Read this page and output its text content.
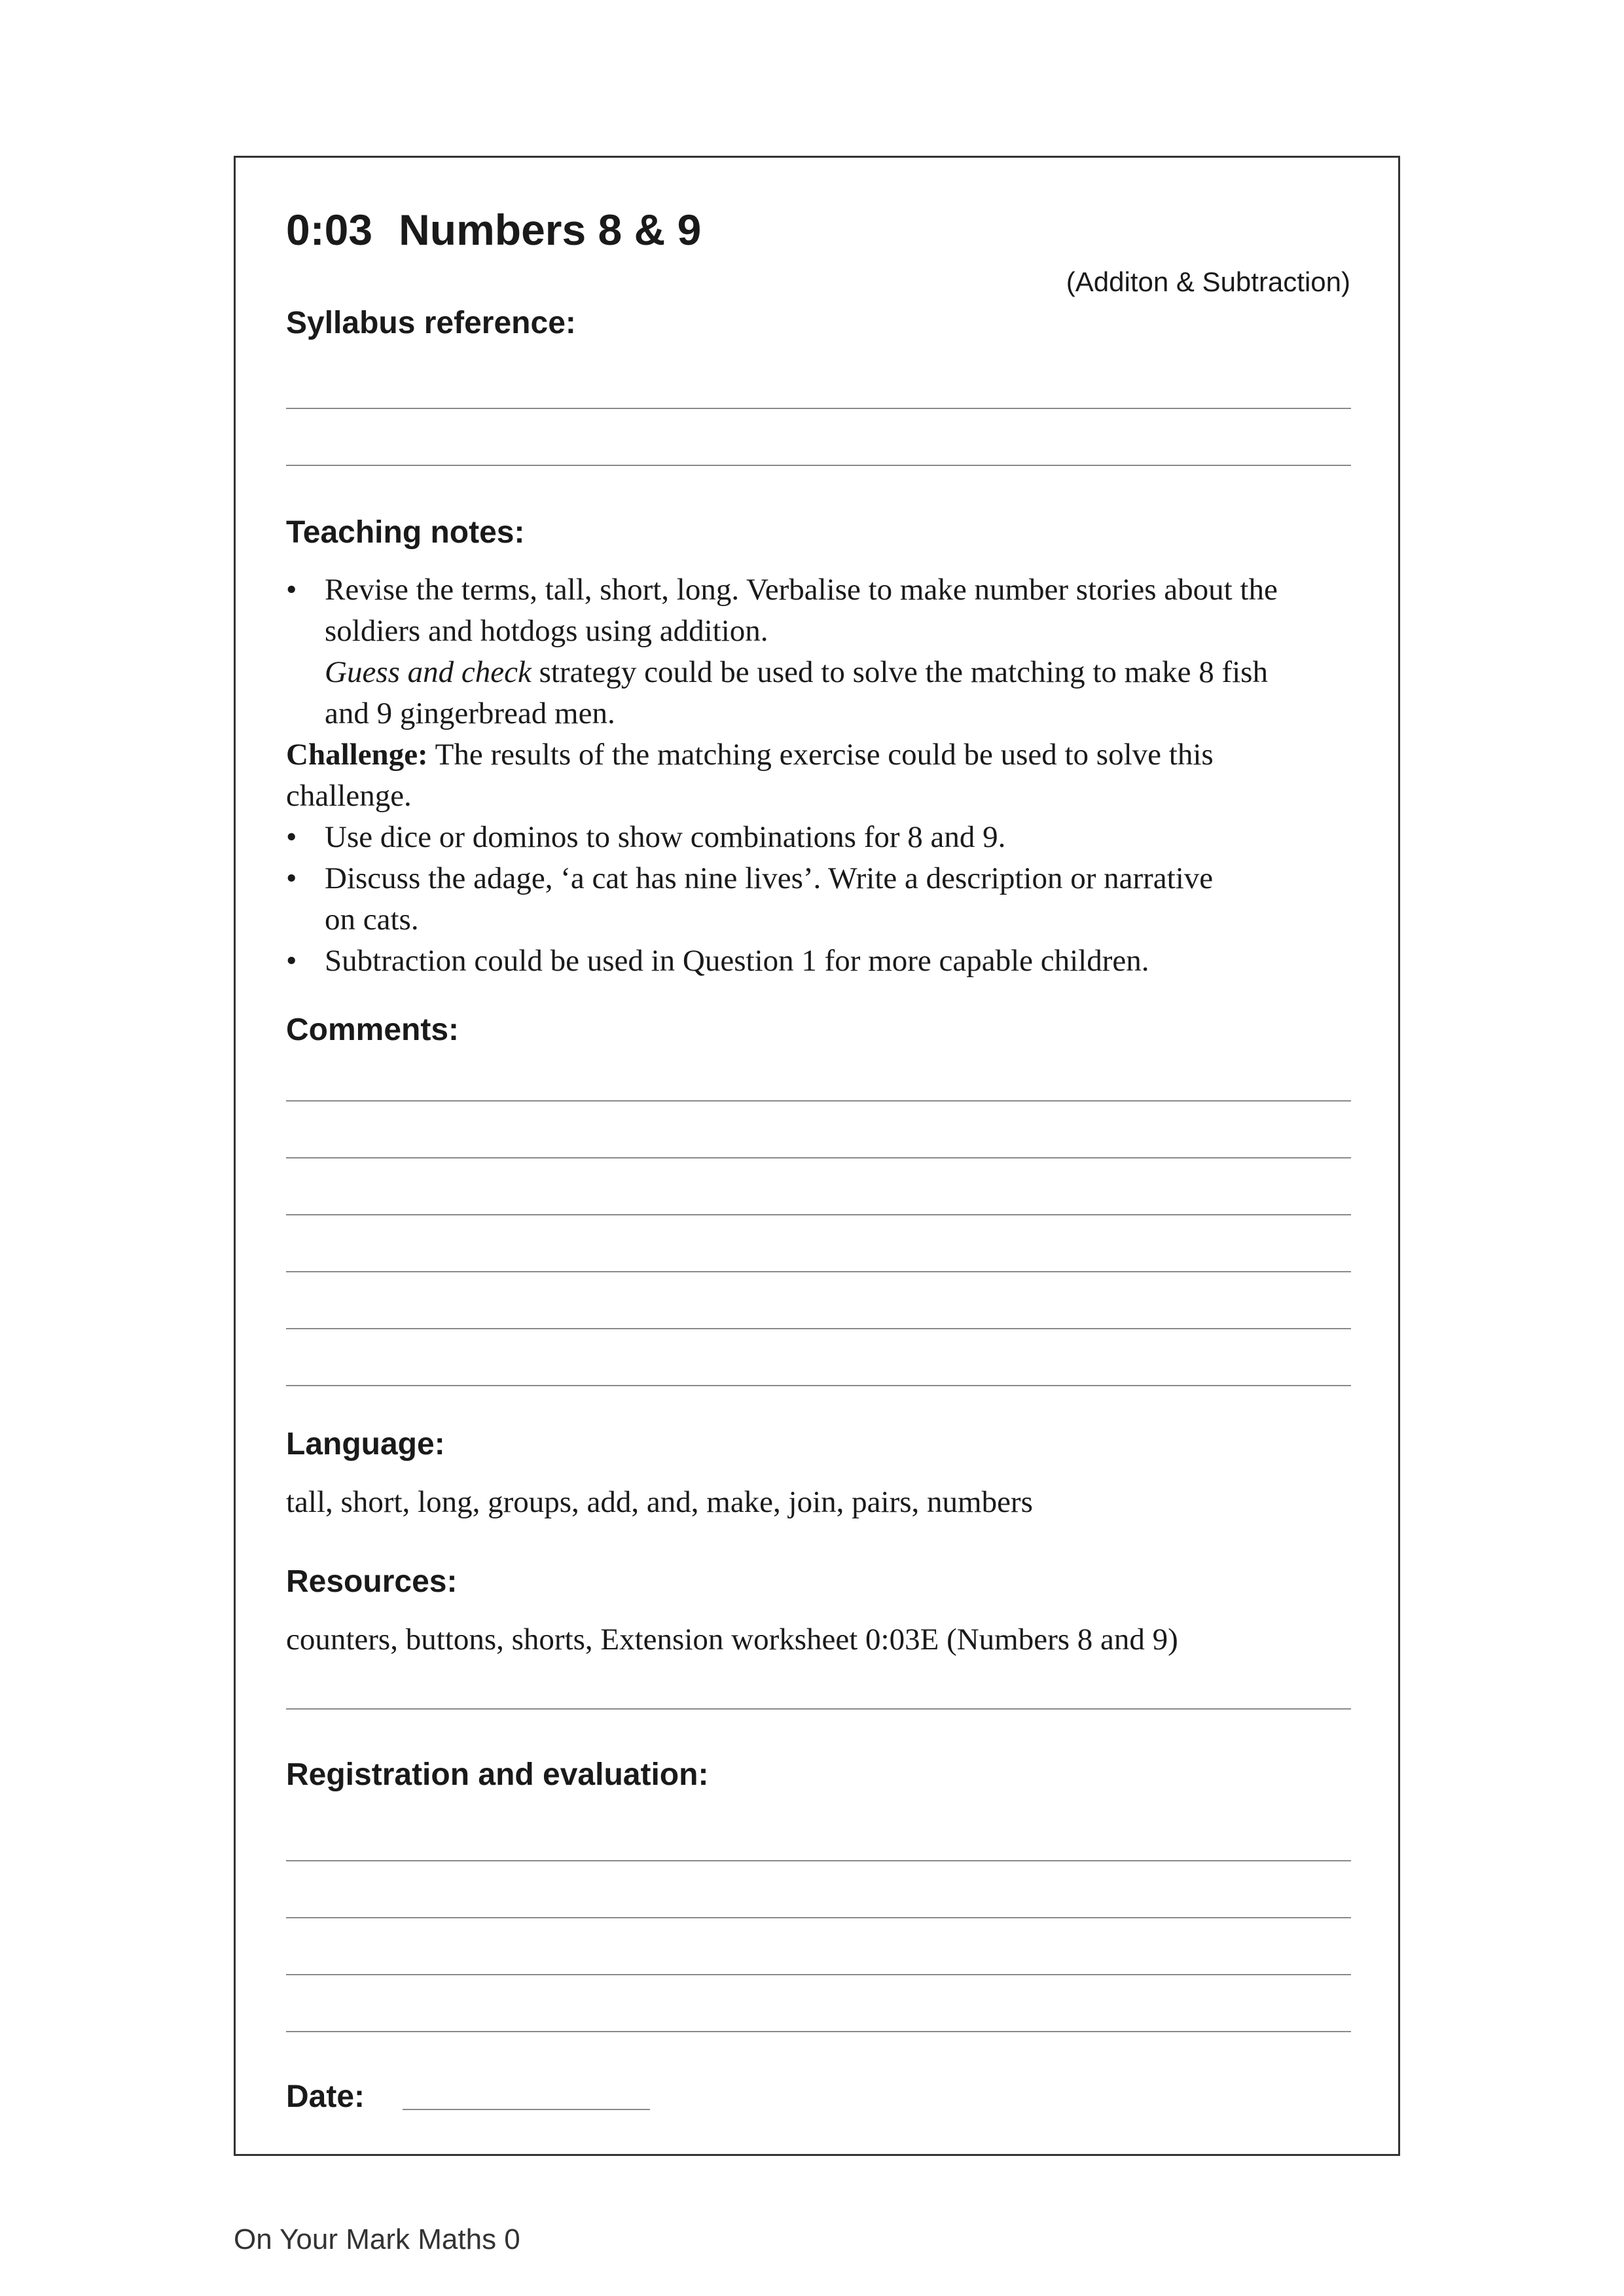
0:03 Numbers 8 & 9
(Additon & Subtraction)
Syllabus reference:
Teaching notes:
• Revise the terms, tall, short, long. Verbalise to make number stories about the
soldiers and hotdogs using addition.
Guess and check strategy could be used to solve the matching to make 8 fish
and 9 gingerbread men.
Challenge: The results of the matching exercise could be used to solve this
challenge.
• Use dice or dominos to show combinations for 8 and 9.
• Discuss the adage, ‘a cat has nine lives’. Write a description or narrative
on cats.
• Subtraction could be used in Question 1 for more capable children.
Comments:
Language:
tall, short, long, groups, add, and, make, join, pairs, numbers
Resources:
counters, buttons, shorts, Extension worksheet 0:03E (Numbers 8 and 9)
Registration and evaluation:
Date:
On Your Mark Maths 0
